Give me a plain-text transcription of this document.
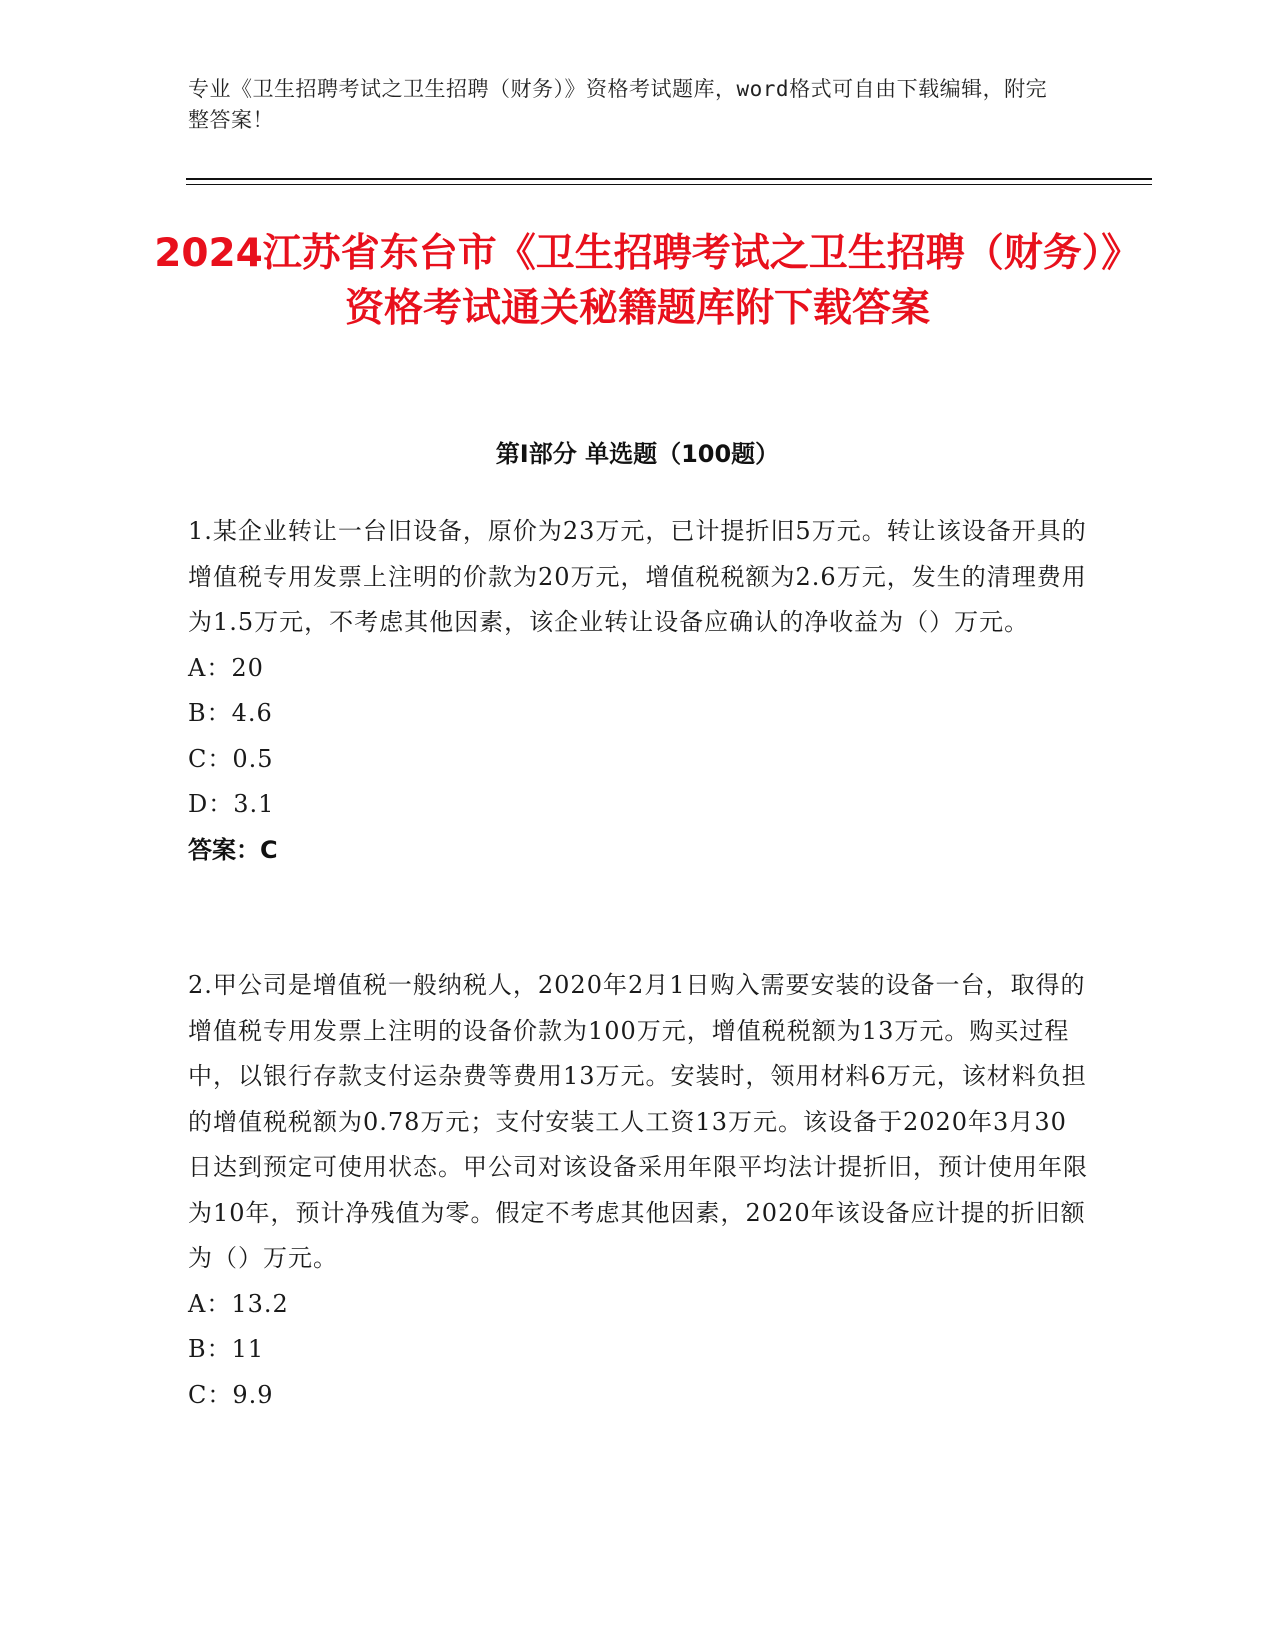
专业《卫生招聘考试之卫生招聘（财务）》资格考试题库，word格式可自由下载编辑，附完整答案！
2024江苏省东台市《卫生招聘考试之卫生招聘（财务）》资格考试通关秘籍题库附下载答案
第I部分 单选题（100题）

1.某企业转让一台旧设备，原价为23万元，已计提折旧5万元。转让该设备开具的增值税专用发票上注明的价款为20万元，增值税税额为2.6万元，发生的清理费用为1.5万元，不考虑其他因素，该企业转让设备应确认的净收益为（）万元。

A：20

B：4.6

C：0.5

D：3.1

答案：C

2.甲公司是增值税一般纳税人，2020年2月1日购入需要安装的设备一台，取得的增值税专用发票上注明的设备价款为100万元，增值税税额为13万元。购买过程中，以银行存款支付运杂费等费用13万元。安装时，领用材料6万元，该材料负担的增值税税额为0.78万元；支付安装工人工资13万元。该设备于2020年3月30日达到预定可使用状态。甲公司对该设备采用年限平均法计提折旧，预计使用年限为10年，预计净残值为零。假定不考虑其他因素，2020年该设备应计提的折旧额为（）万元。

A：13.2

B：11

C：9.9
